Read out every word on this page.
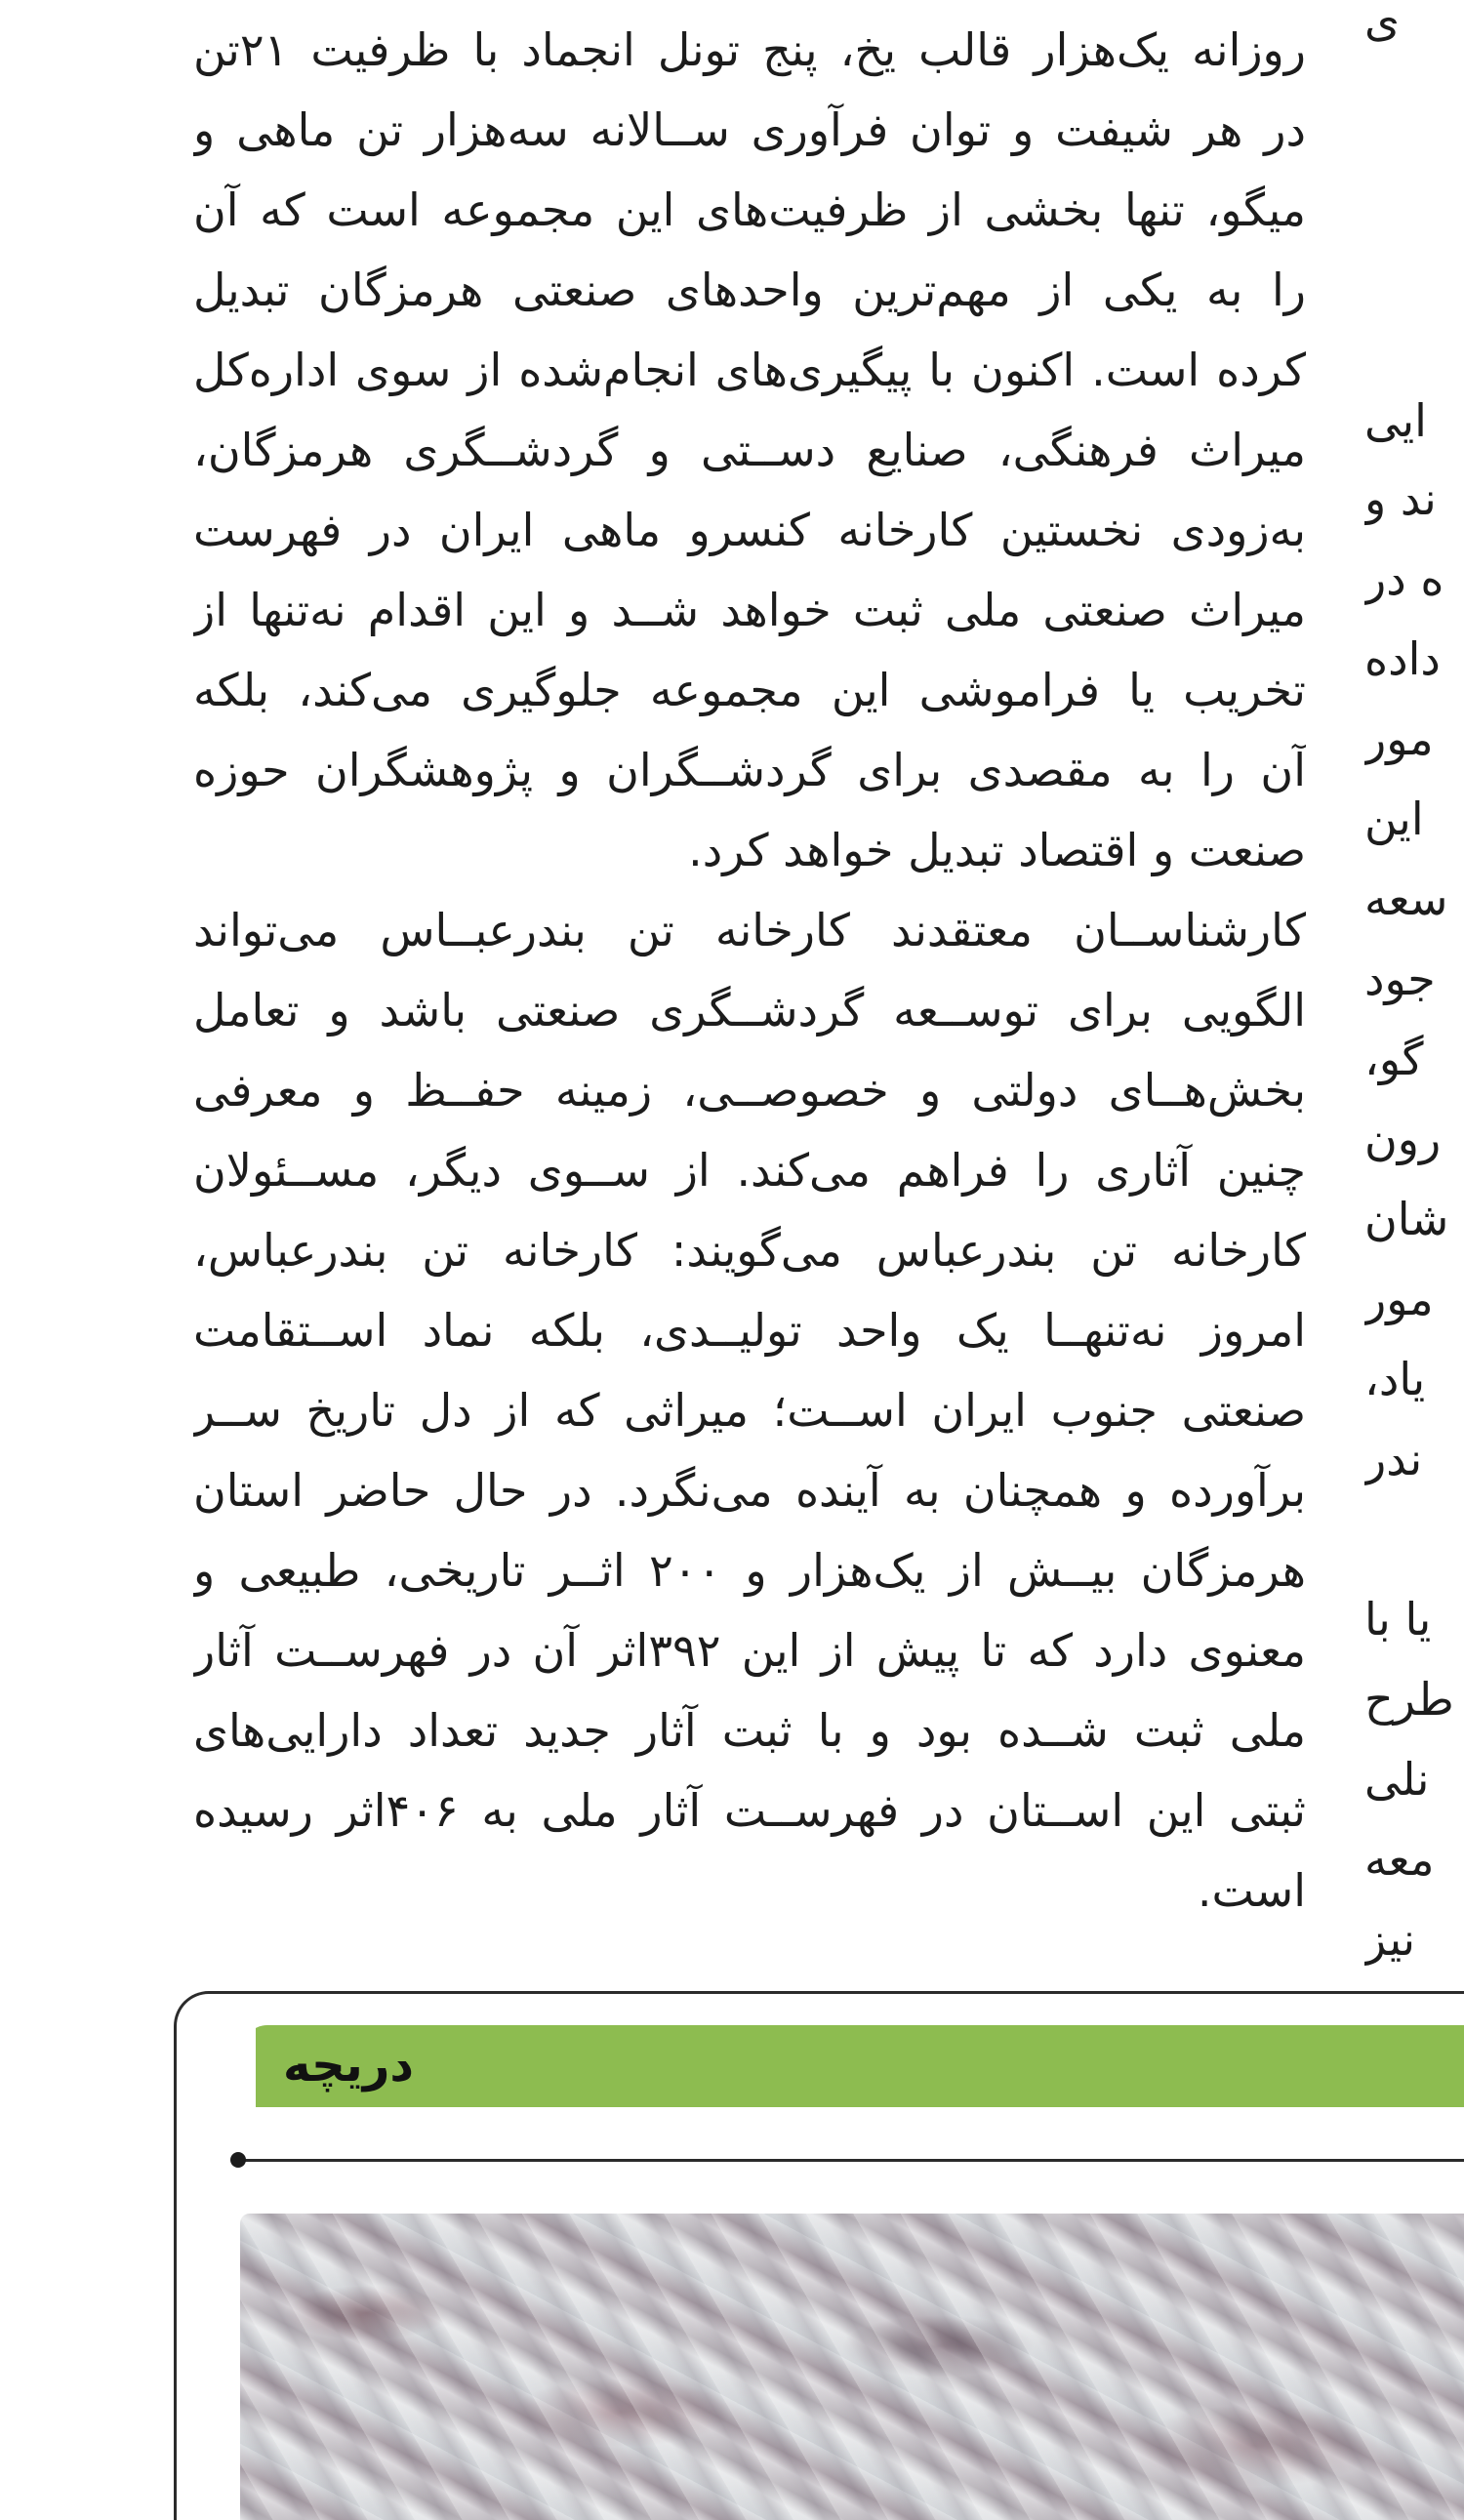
روزانه یک‌هزار قالب یخ، پنج تونل انجماد با ظرفیت ۲۱تن
در هر شیفت و توان فرآوری ســالانه سه‌هزار تن ماهی و
میگو، تنها بخشی از ظرفیت‌های این مجموعه است که آن
را به یکی از مهم‌ترین واحدهای صنعتی هرمزگان تبدیل
کرده است. اکنون با پیگیری‌های انجام‌شده از سوی اداره‌کل
میراث فرهنگی، صنایع دســتی و گردشــگری هرمزگان،
به‌زودی نخستین کارخانه کنسرو ماهی ایران در فهرست
میراث صنعتی ملی ثبت خواهد شــد و این اقدام نه‌تنها از
تخریب یا فراموشی این مجموعه جلوگیری می‌کند، بلکه
آن را به مقصدی برای گردشــگران و پژوهشگران حوزه
صنعت و اقتصاد تبدیل خواهد کرد.
کارشناســان معتقدند کارخانه تن بندرعبــاس می‌تواند
الگویی برای توســعه گردشــگری صنعتی باشد و تعامل
بخش‌هــای دولتی و خصوصــی، زمینه حفــظ و معرفی
چنین آثاری را فراهم می‌کند. از ســوی دیگر، مســئولان
کارخانه تن بندرعباس می‌گویند: کارخانه تن بندرعباس،
امروز نه‌تنهــا یک واحد تولیــدی، بلکه نماد اســتقامت
صنعتی جنوب ایران اســت؛ میراثی که از دل تاریخ ســر
برآورده و همچنان به آینده می‌نگرد. در حال حاضر استان
هرمزگان بیــش از یک‌هزار و ۲۰۰ اثــر تاریخی، طبیعی و
معنوی دارد که تا پیش از این ۳۹۲اثر آن در فهرســت آثار
ملی ثبت شــده بود و با ثبت آثار جدید تعداد دارایی‌های
ثبتی این اســتان در فهرســت آثار ملی به ۴۰۶اثر رسیده
است.
ی
ایی
ند و
ه در
داده
مور
این
سعه
جود
گو،
رون
شان
مور
یاد،
ندر
یا با
طرح
نلی
معه
نیز
دریچه
